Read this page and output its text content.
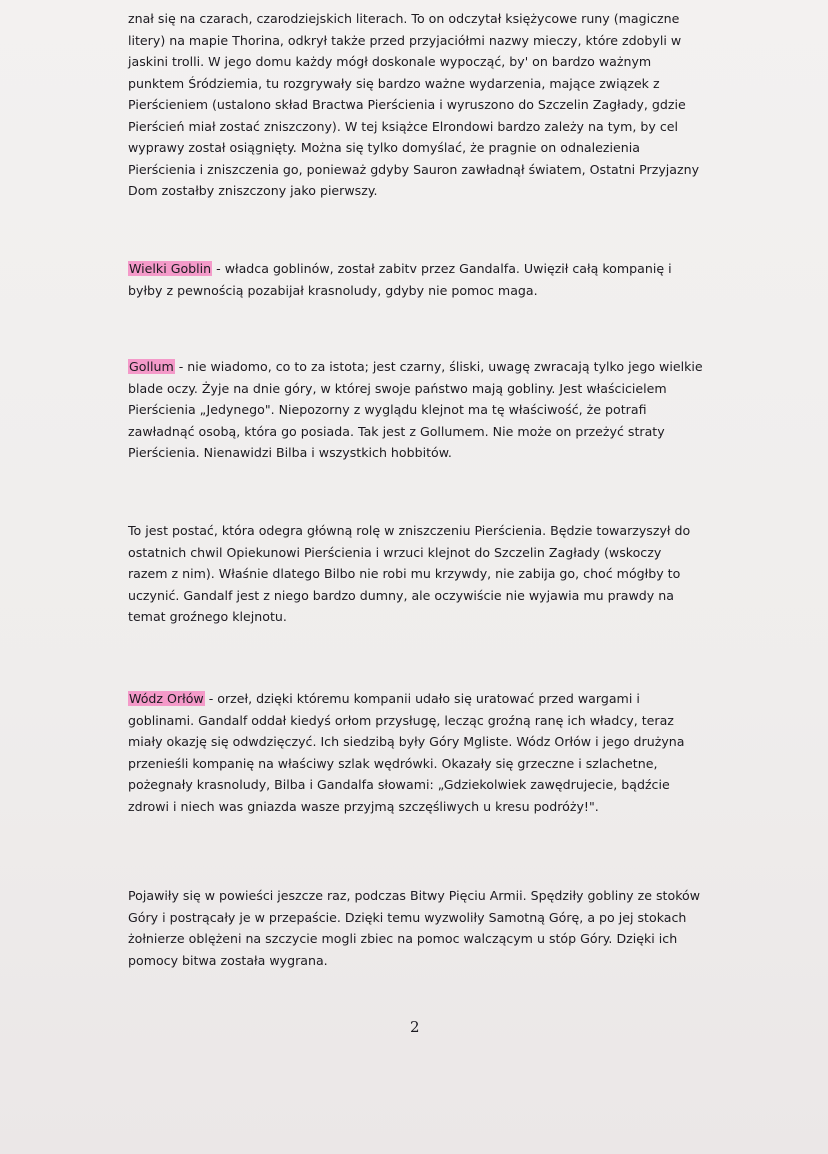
znał się na czarach, czarodziejskich literach. To on odczytał księżycowe runy (magiczne litery) na mapie Thorina, odkrył także przed przyjaciółmi nazwy mieczy, które zdobyli w jaskini trolli. W jego domu każdy mógł doskonale wypocząć, by' on bardzo ważnym punktem Śródziemia, tu rozgrywały się bardzo ważne wydarzenia, mające związek z Pierścieniem (ustalono skład Bractwa Pierścienia i wyruszono do Szczelin Zagłady, gdzie Pierścień miał zostać zniszczony). W tej książce Elrondowi bardzo zależy na tym, by cel wyprawy został osiągnięty. Można się tylko domyślać, że pragnie on odnalezienia Pierścienia i zniszczenia go, ponieważ gdyby Sauron zawładnął światem, Ostatni Przyjazny Dom zostałby zniszczony jako pierwszy.

Wielki Goblin - władca goblinów, został zabitv przez Gandalfa. Uwięził całą kompanię i byłby z pewnością pozabijał krasnoludy, gdyby nie pomoc maga.

Gollum - nie wiadomo, co to za istota; jest czarny, śliski, uwagę zwracają tylko jego wielkie blade oczy. Żyje na dnie góry, w której swoje państwo mają gobliny. Jest właścicielem Pierścienia „Jedynego". Niepozorny z wyglądu klejnot ma tę właściwość, że potrafi zawładnąć osobą, która go posiada. Tak jest z Gollumem. Nie może on przeżyć straty Pierścienia. Nienawidzi Bilba i wszystkich hobbitów.

To jest postać, która odegra główną rolę w zniszczeniu Pierścienia. Będzie towarzyszył do ostatnich chwil Opiekunowi Pierścienia i wrzuci klejnot do Szczelin Zagłady (wskoczy razem z nim). Właśnie dlatego Bilbo nie robi mu krzywdy, nie zabija go, choć mógłby to uczynić. Gandalf jest z niego bardzo dumny, ale oczywiście nie wyjawia mu prawdy na temat groźnego klejnotu.

Wódz Orłów - orzeł, dzięki któremu kompanii udało się uratować przed wargami i goblinami. Gandalf oddał kiedyś orłom przysługę, lecząc groźną ranę ich władcy, teraz miały okazję się odwdzięczyć. Ich siedzibą były Góry Mgliste. Wódz Orłów i jego drużyna przenieśli kompanię na właściwy szlak wędrówki. Okazały się grzeczne i szlachetne, pożegnały krasnoludy, Bilba i Gandalfa słowami: „Gdziekolwiek zawędrujecie, bądźcie zdrowi i niech was gniazda wasze przyjmą szczęśliwych u kresu podróży!".

Pojawiły się w powieści jeszcze raz, podczas Bitwy Pięciu Armii. Spędziły gobliny ze stoków Góry i postrącały je w przepaście. Dzięki temu wyzwoliły Samotną Górę, a po jej stokach żołnierze oblężeni na szczycie mogli zbiec na pomoc walczącym u stóp Góry. Dzięki ich pomocy bitwa została wygrana.

2
